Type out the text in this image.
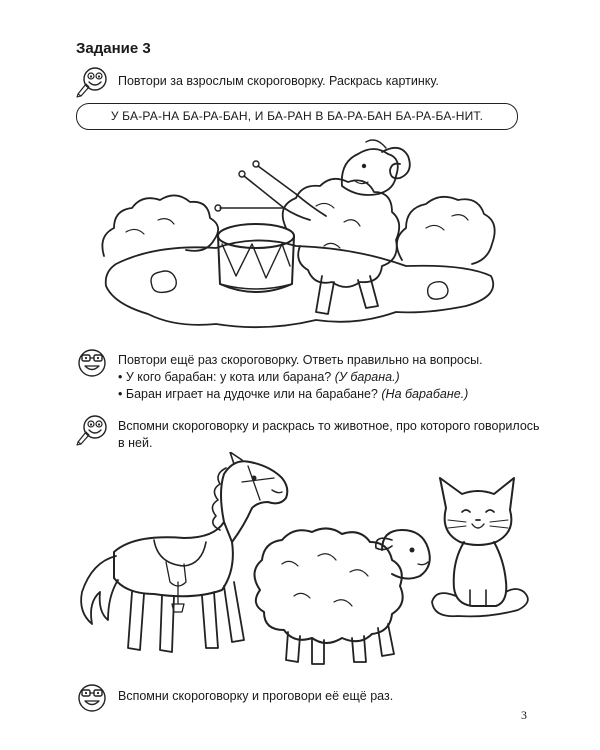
Задание 3
Повтори за взрослым скороговорку. Раскрась картинку.
У БА-РА-НА БА-РА-БАН, И БА-РАН В БА-РА-БАН БА-РА-БА-НИТ.
Повтори ещё раз скороговорку. Ответь правильно на вопросы.
• У кого барабан: у кота или барана? (У барана.)
• Баран играет на дудочке или на барабане? (На барабане.)
Вспомни скороговорку и раскрась то животное, про которого говорилось
в ней.
Вспомни скороговорку и проговори её ещё раз.
3
